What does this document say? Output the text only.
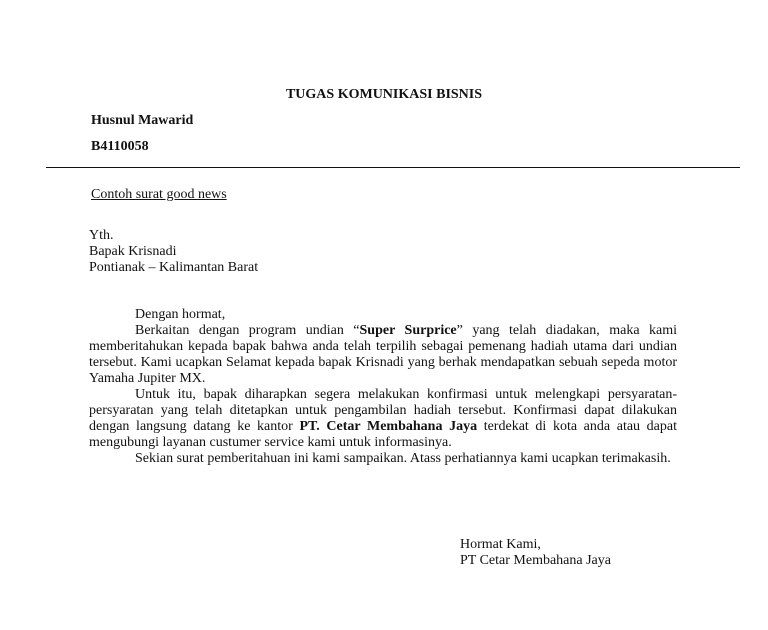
TUGAS KOMUNIKASI BISNIS
Husnul Mawarid
B4110058
Contoh surat good news
Yth.
Bapak Krisnadi
Pontianak – Kalimantan Barat

Dengan hormat,

Berkaitan dengan program undian “Super Surprice” yang telah diadakan, maka kami memberitahukan kepada bapak bahwa anda telah terpilih sebagai pemenang hadiah utama dari undian tersebut. Kami ucapkan Selamat kepada bapak Krisnadi yang berhak mendapatkan sebuah sepeda motor Yamaha Jupiter MX.

Untuk itu, bapak diharapkan segera melakukan konfirmasi untuk melengkapi persyaratan-persyaratan yang telah ditetapkan untuk pengambilan hadiah tersebut. Konfirmasi dapat dilakukan dengan langsung datang ke kantor PT. Cetar Membahana Jaya terdekat di kota anda atau dapat mengubungi layanan custumer service kami untuk informasinya.

Sekian surat pemberitahuan ini kami sampaikan. Atass perhatiannya kami ucapkan terimakasih.

Hormat Kami,
PT Cetar Membahana Jaya
